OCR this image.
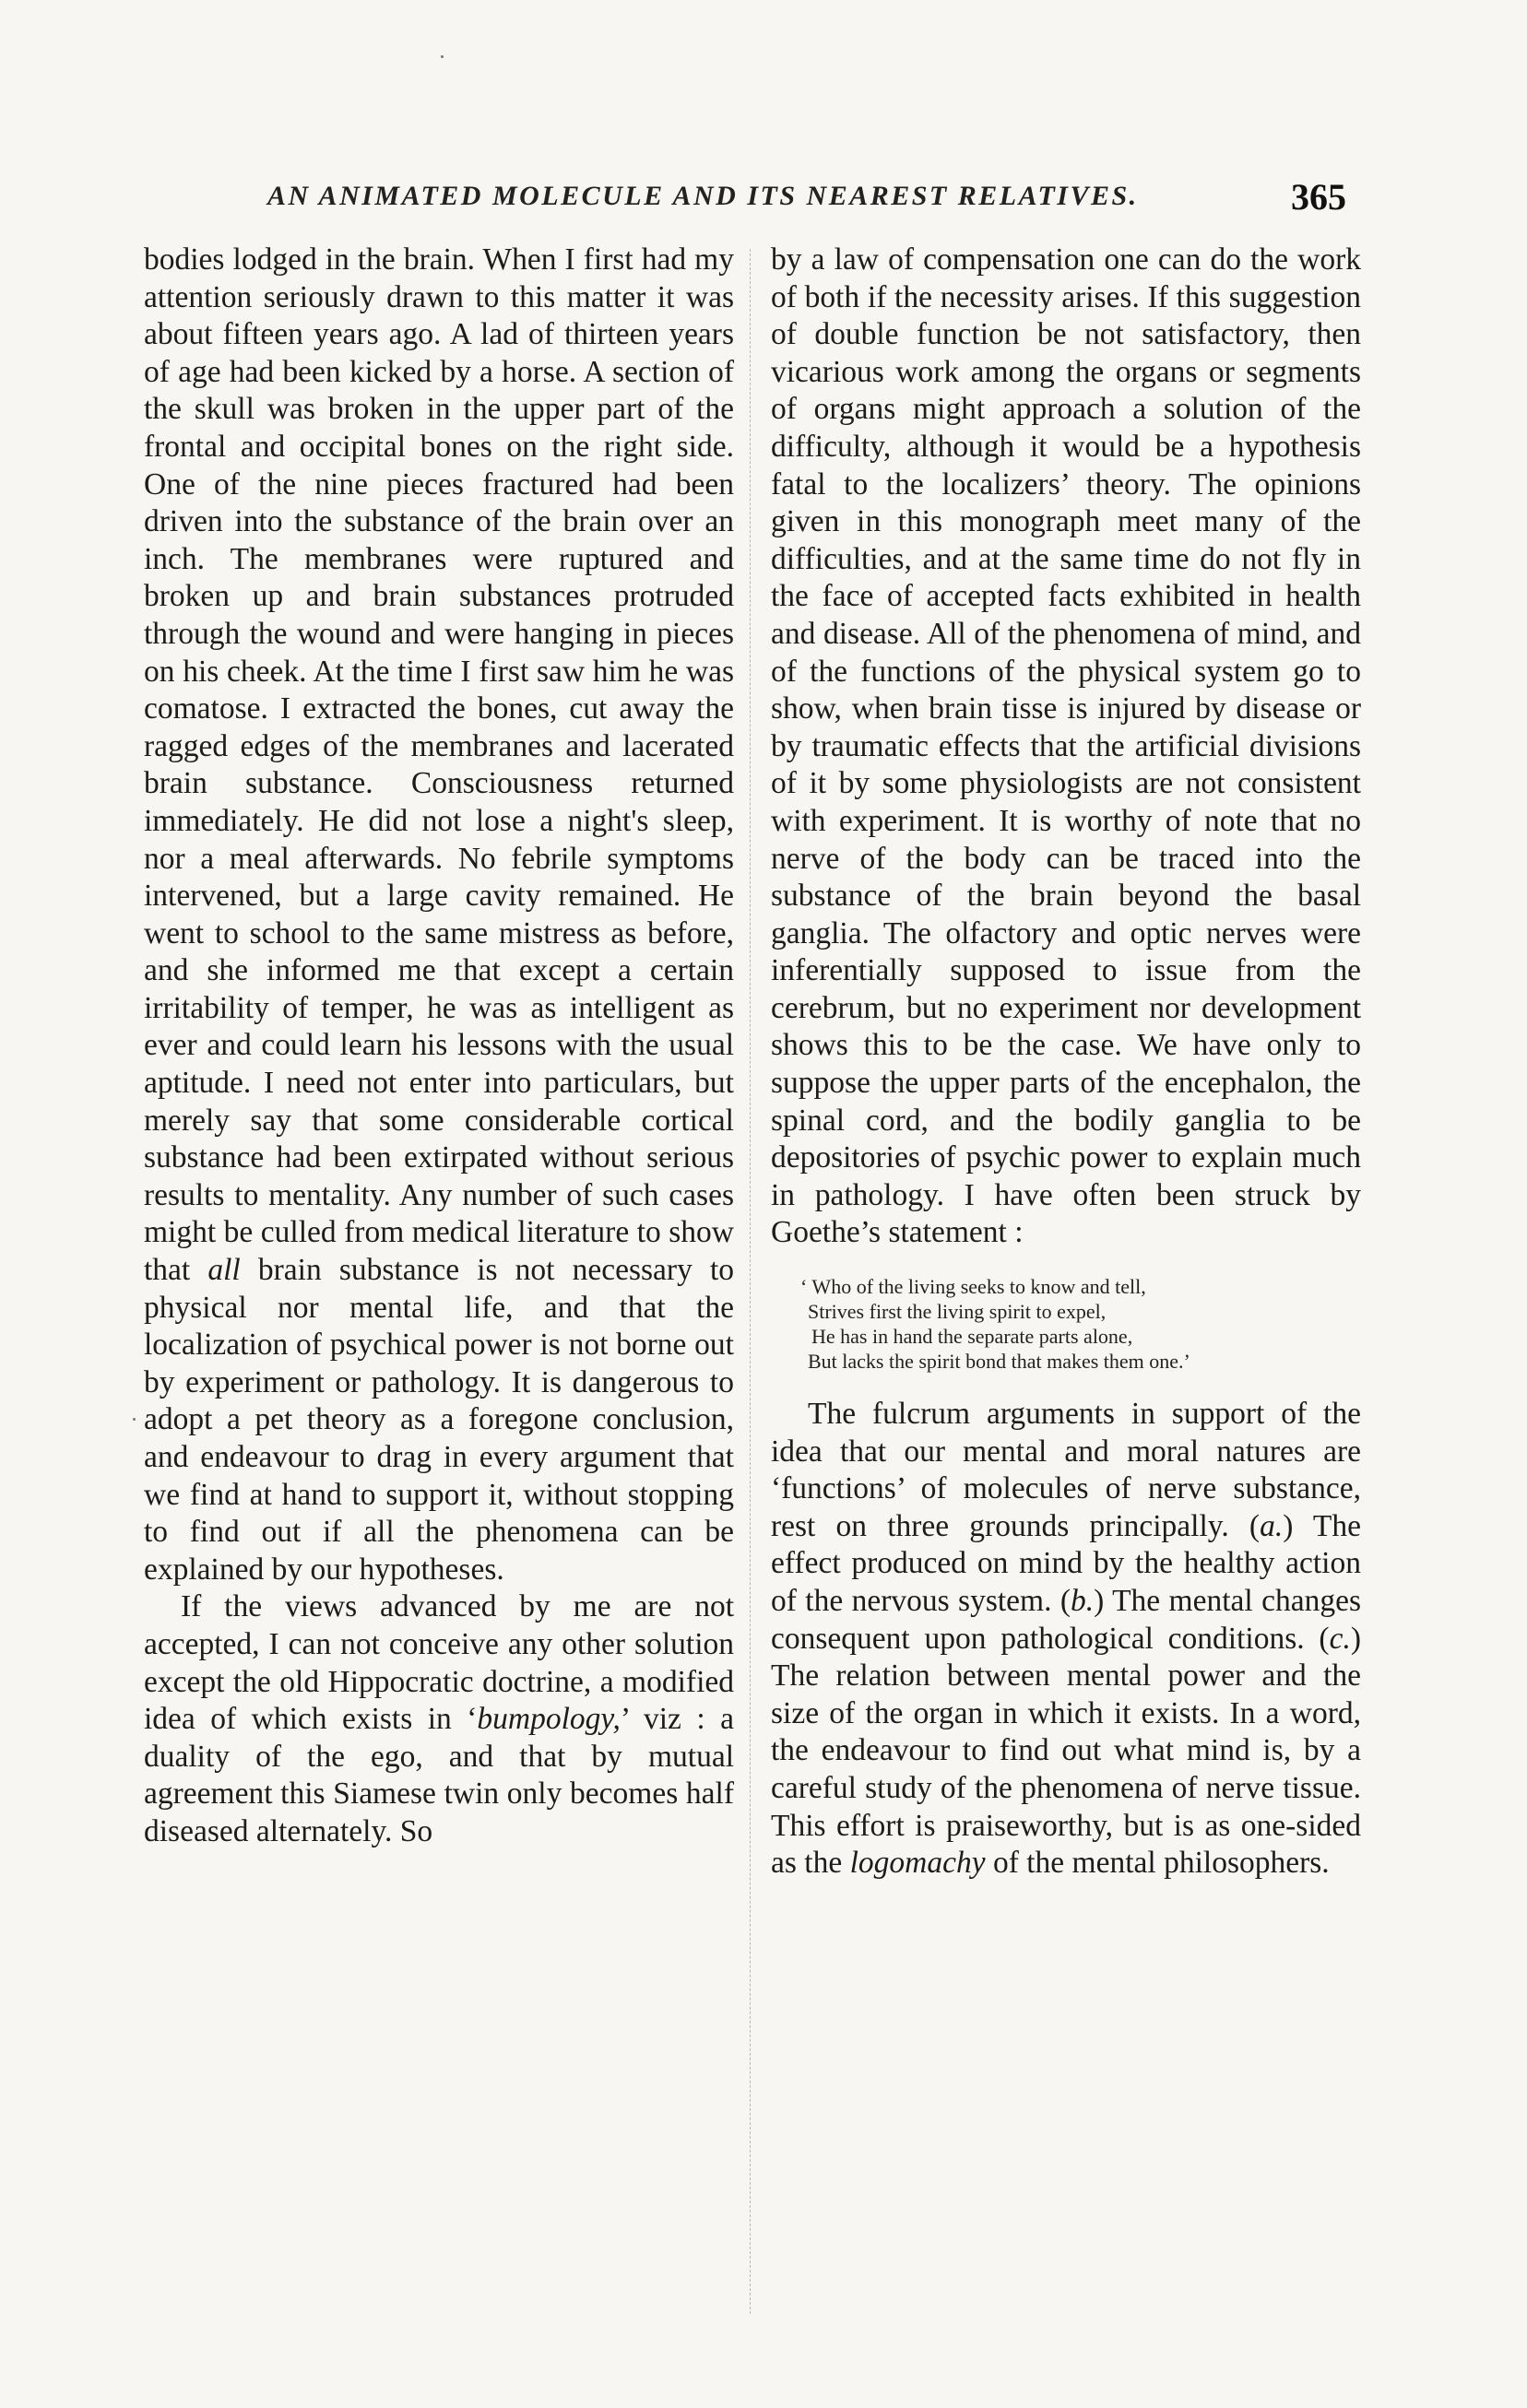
AN ANIMATED MOLECULE AND ITS NEAREST RELATIVES.	365

bodies lodged in the brain. When I first had my attention seriously drawn to this matter it was about fifteen years ago. A lad of thirteen years of age had been kicked by a horse. A section of the skull was broken in the upper part of the frontal and occipital bones on the right side. One of the nine pieces fractured had been driven into the substance of the brain over an inch. The membranes were ruptured and broken up and brain substances protruded through the wound and were hanging in pieces on his cheek. At the time I first saw him he was comatose. I extracted the bones, cut away the ragged edges of the membranes and lacerated brain substance. Consciousness returned immediately. He did not lose a night's sleep, nor a meal afterwards. No febrile symptoms intervened, but a large cavity remained. He went to school to the same mistress as before, and she informed me that except a certain irritability of temper, he was as intelligent as ever and could learn his lessons with the usual aptitude. I need not enter into particulars, but merely say that some considerable cortical substance had been extirpated without serious results to mentality. Any number of such cases might be culled from medical literature to show that all brain substance is not necessary to physical nor mental life, and that the localization of psychical power is not borne out by experiment or pathology. It is dangerous to adopt a pet theory as a foregone conclusion, and endeavour to drag in every argument that we find at hand to support it, without stopping to find out if all the phenomena can be explained by our hypotheses.

If the views advanced by me are not accepted, I can not conceive any other solution except the old Hippocratic doctrine, a modified idea of which exists in ‘bumpology,’ viz : a duality of the ego, and that by mutual agreement this Siamese twin only becomes half diseased alternately. So

by a law of compensation one can do the work of both if the necessity arises. If this suggestion of double function be not satisfactory, then vicarious work among the organs or segments of organs might approach a solution of the difficulty, although it would be a hypothesis fatal to the localizers’ theory. The opinions given in this monograph meet many of the difficulties, and at the same time do not fly in the face of accepted facts exhibited in health and disease. All of the phenomena of mind, and of the functions of the physical system go to show, when brain tisse is injured by disease or by traumatic effects that the artificial divisions of it by some physiologists are not consistent with experiment. It is worthy of note that no nerve of the body can be traced into the substance of the brain beyond the basal ganglia. The olfactory and optic nerves were inferentially supposed to issue from the cerebrum, but no experiment nor development shows this to be the case. We have only to suppose the upper parts of the encephalon, the spinal cord, and the bodily ganglia to be depositories of psychic power to explain much in pathology. I have often been struck by Goethe’s statement :

‘ Who of the living seeks to know and tell,
Strives first the living spirit to expel,
He has in hand the separate parts alone,
But lacks the spirit bond that makes them one.’

The fulcrum arguments in support of the idea that our mental and moral natures are ‘functions’ of molecules of nerve substance, rest on three grounds principally. (a.) The effect produced on mind by the healthy action of the nervous system. (b.) The mental changes consequent upon pathological conditions. (c.) The relation between mental power and the size of the organ in which it exists. In a word, the endeavour to find out what mind is, by a careful study of the phenomena of nerve tissue. This effort is praiseworthy, but is as one-sided as the logomachy of the mental philosophers.
